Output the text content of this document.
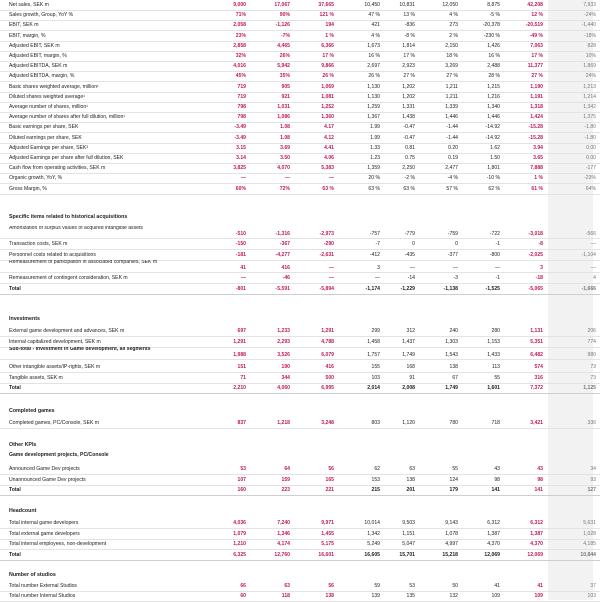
Net sales, SEK m	9,000	17,067	37,665	10,450	10,831	12,050	8,875	42,208	7,933
Sales growth, Group, YoY %	71%	90%	121 %	47 %	13 %	4 %	-5 %	12 %	-24%
EBIT, SEK m	2,058	-1,126	194	421	-836	273	-20,378	-20,519	-1,440
EBIT, margin, %	23%	-7%	1 %	4 %	-8 %	2 %	-230 %	-49 %	-18%
Adjusted EBIT, SEK m	2,858	4,465	6,366	1,673	1,814	2,150	1,426	7,063	828
Adjusted EBIT, margin, %	32%	26%	17 %	16 %	17 %	18 %	16 %	17 %	10%
Adjusted EBITDA, SEK m	4,016	5,942	9,866	2,697	2,923	3,269	2,488	11,377	1,869
Adjusted EBITDA, margin, %	45%	35%	26 %	26 %	27 %	27 %	28 %	27 %	24%
Basic shares weighted average, million¹	719	905	1,069	1,130	1,202	1,211	1,215	1,190	1,213
Diluted shares weighted average¹	719	921	1,081	1,130	1,202	1,211	1,216	1,191	1,214
Average number of shares, million¹	798	1,031	1,252	1,259	1,331	1,339	1,340	1,318	1,342
Average number of shares after full dilution, million¹	798	1,086	1,360	1,367	1,438	1,446	1,446	1,424	1,375
Basic earnings per share, SEK	-3.49	1.08	4.17	1.99	-0.47	-1.44	-14.92	-15.28	-1.80
Diluted earnings per share, SEK	-3.49	1.08	4.12	1.99	-0.47	-1.44	-14.92	-15.28	-1.80
Adjusted Earnings per share, SEK³	3.15	3.69	4.41	1.33	0.81	0.20	1.62	3.94	0.00
Adjusted Earnings per share after full dilution, SEK	3.14	3.50	4.06	1.23	0.75	0.19	1.50	3.65	0.00
Cash flow from operating activities, SEK m	3,825	4,070	5,383	1,359	2,250	2,477	1,801	7,888	-177
Organic growth, YoY, %	—	—	—	20 %	-2 %	-4 %	-10 %	1 %	-23%
Gross Margin, %	60%	72%	63 %	63 %	63 %	57 %	62 %	61 %	64%
Specific items related to historical acquisitions
Amortization of surplus values of acquired intangible assets
-510	-1,316	-2,973	-757	-779	-759	-722	-3,018	-566
Transaction costs, SEK m	-150	-367	-290	-7	0	0	-1	-8	—
Personnel costs related to acquisitions	-181	-4,277	-2,631	-412	-435	-377	-800	-2,025	-1,104
Remeasurement of participation in associated companies, SEK m
41	416	—	3	—	—	—	3	—
Remeasurement of contingent consideration, SEK m	—	-46	—	—	-14	-3	-1	-18	4
Total	-801	-5,591	-5,894	-1,174	-1,229	-1,138	-1,525	-5,065	-1,666
Investments
External game development and advances, SEK m	697	1,233	1,291	299	312	240	280	1,131	206
Internal capitalized development, SEK m	1,291	2,293	4,788	1,458	1,437	1,303	1,153	5,351	774
Sub-total - Investment in Game development, all segments
1,988	3,526	6,079	1,757	1,749	1,543	1,433	6,482	980
Other intangible assets/IP-rights, SEK m	151	190	416	155	168	138	113	574	73
Tangible assets, SEK m	71	344	500	103	91	67	55	316	73
Total	2,210	4,060	6,995	2,014	2,008	1,749	1,601	7,372	1,125
Completed games
Completed games, PC/Console, SEK m	837	1,218	3,248	803	1,120	780	718	3,421	336
Other KPIs
Game development projects, PC/Console
Announced Game Dev projects	53	64	56	62	63	55	43	43	34
Unannounced Game Dev projects	107	159	165	153	138	124	98	98	93
Total	160	223	221	215	201	179	141	141	127
Headcount
Total internal game developers	4,036	7,240	9,971	10,014	9,503	9,143	6,312	6,312	5,631
Total external game developers	1,079	1,346	1,455	1,342	1,151	1,078	1,387	1,387	1,028
Total internal employees, non-development	1,210	4,174	5,175	5,249	5,047	4,997	4,370	4,370	4,185
Total	6,325	12,760	16,601	16,605	15,701	15,218	12,069	12,069	10,844
Number of studios
Total number External Studios	66	63	56	59	53	50	41	41	37
Total number Internal Studios	60	118	138	139	135	132	109	109	103
